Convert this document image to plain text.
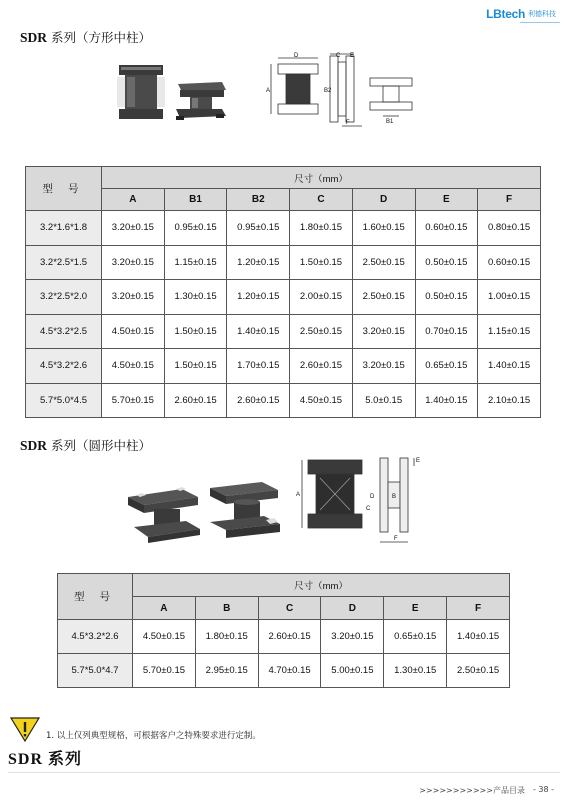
LBtech 利德科技
SDR 系列（方形中柱）
D
A	B2
C E
F	B1
型 号	尺寸（mm）						
	A	B1	B2	C	D	E	F
3.2*1.6*1.8	3.20±0.15	0.95±0.15	0.95±0.15	1.80±0.15	1.60±0.15	0.60±0.15	0.80±0.15
3.2*2.5*1.5	3.20±0.15	1.15±0.15	1.20±0.15	1.50±0.15	2.50±0.15	0.50±0.15	0.60±0.15
3.2*2.5*2.0	3.20±0.15	1.30±0.15	1.20±0.15	2.00±0.15	2.50±0.15	0.50±0.15	1.00±0.15
4.5*3.2*2.5	4.50±0.15	1.50±0.15	1.40±0.15	2.50±0.15	3.20±0.15	0.70±0.15	1.15±0.15
4.5*3.2*2.6	4.50±0.15	1.50±0.15	1.70±0.15	2.60±0.15	3.20±0.15	0.65±0.15	1.40±0.15
5.7*5.0*4.5	5.70±0.15	2.60±0.15	2.60±0.15	4.50±0.15	5.0±0.15	1.40±0.15	2.10±0.15
SDR 系列（圆形中柱）
A	D
C
B
E
F
型 号	尺寸（mm）					
	A	B	C	D	E	F
4.5*3.2*2.6	4.50±0.15	1.80±0.15	2.60±0.15	3.20±0.15	0.65±0.15	1.40±0.15
5.7*5.0*4.7	5.70±0.15	2.95±0.15	4.70±0.15	5.00±0.15	1.30±0.15	2.50±0.15
1. 以上仅列典型规格，可根据客户之特殊要求进行定制。
SDR 系列
>>>>>>>>>>>产品目录 - 38 -
